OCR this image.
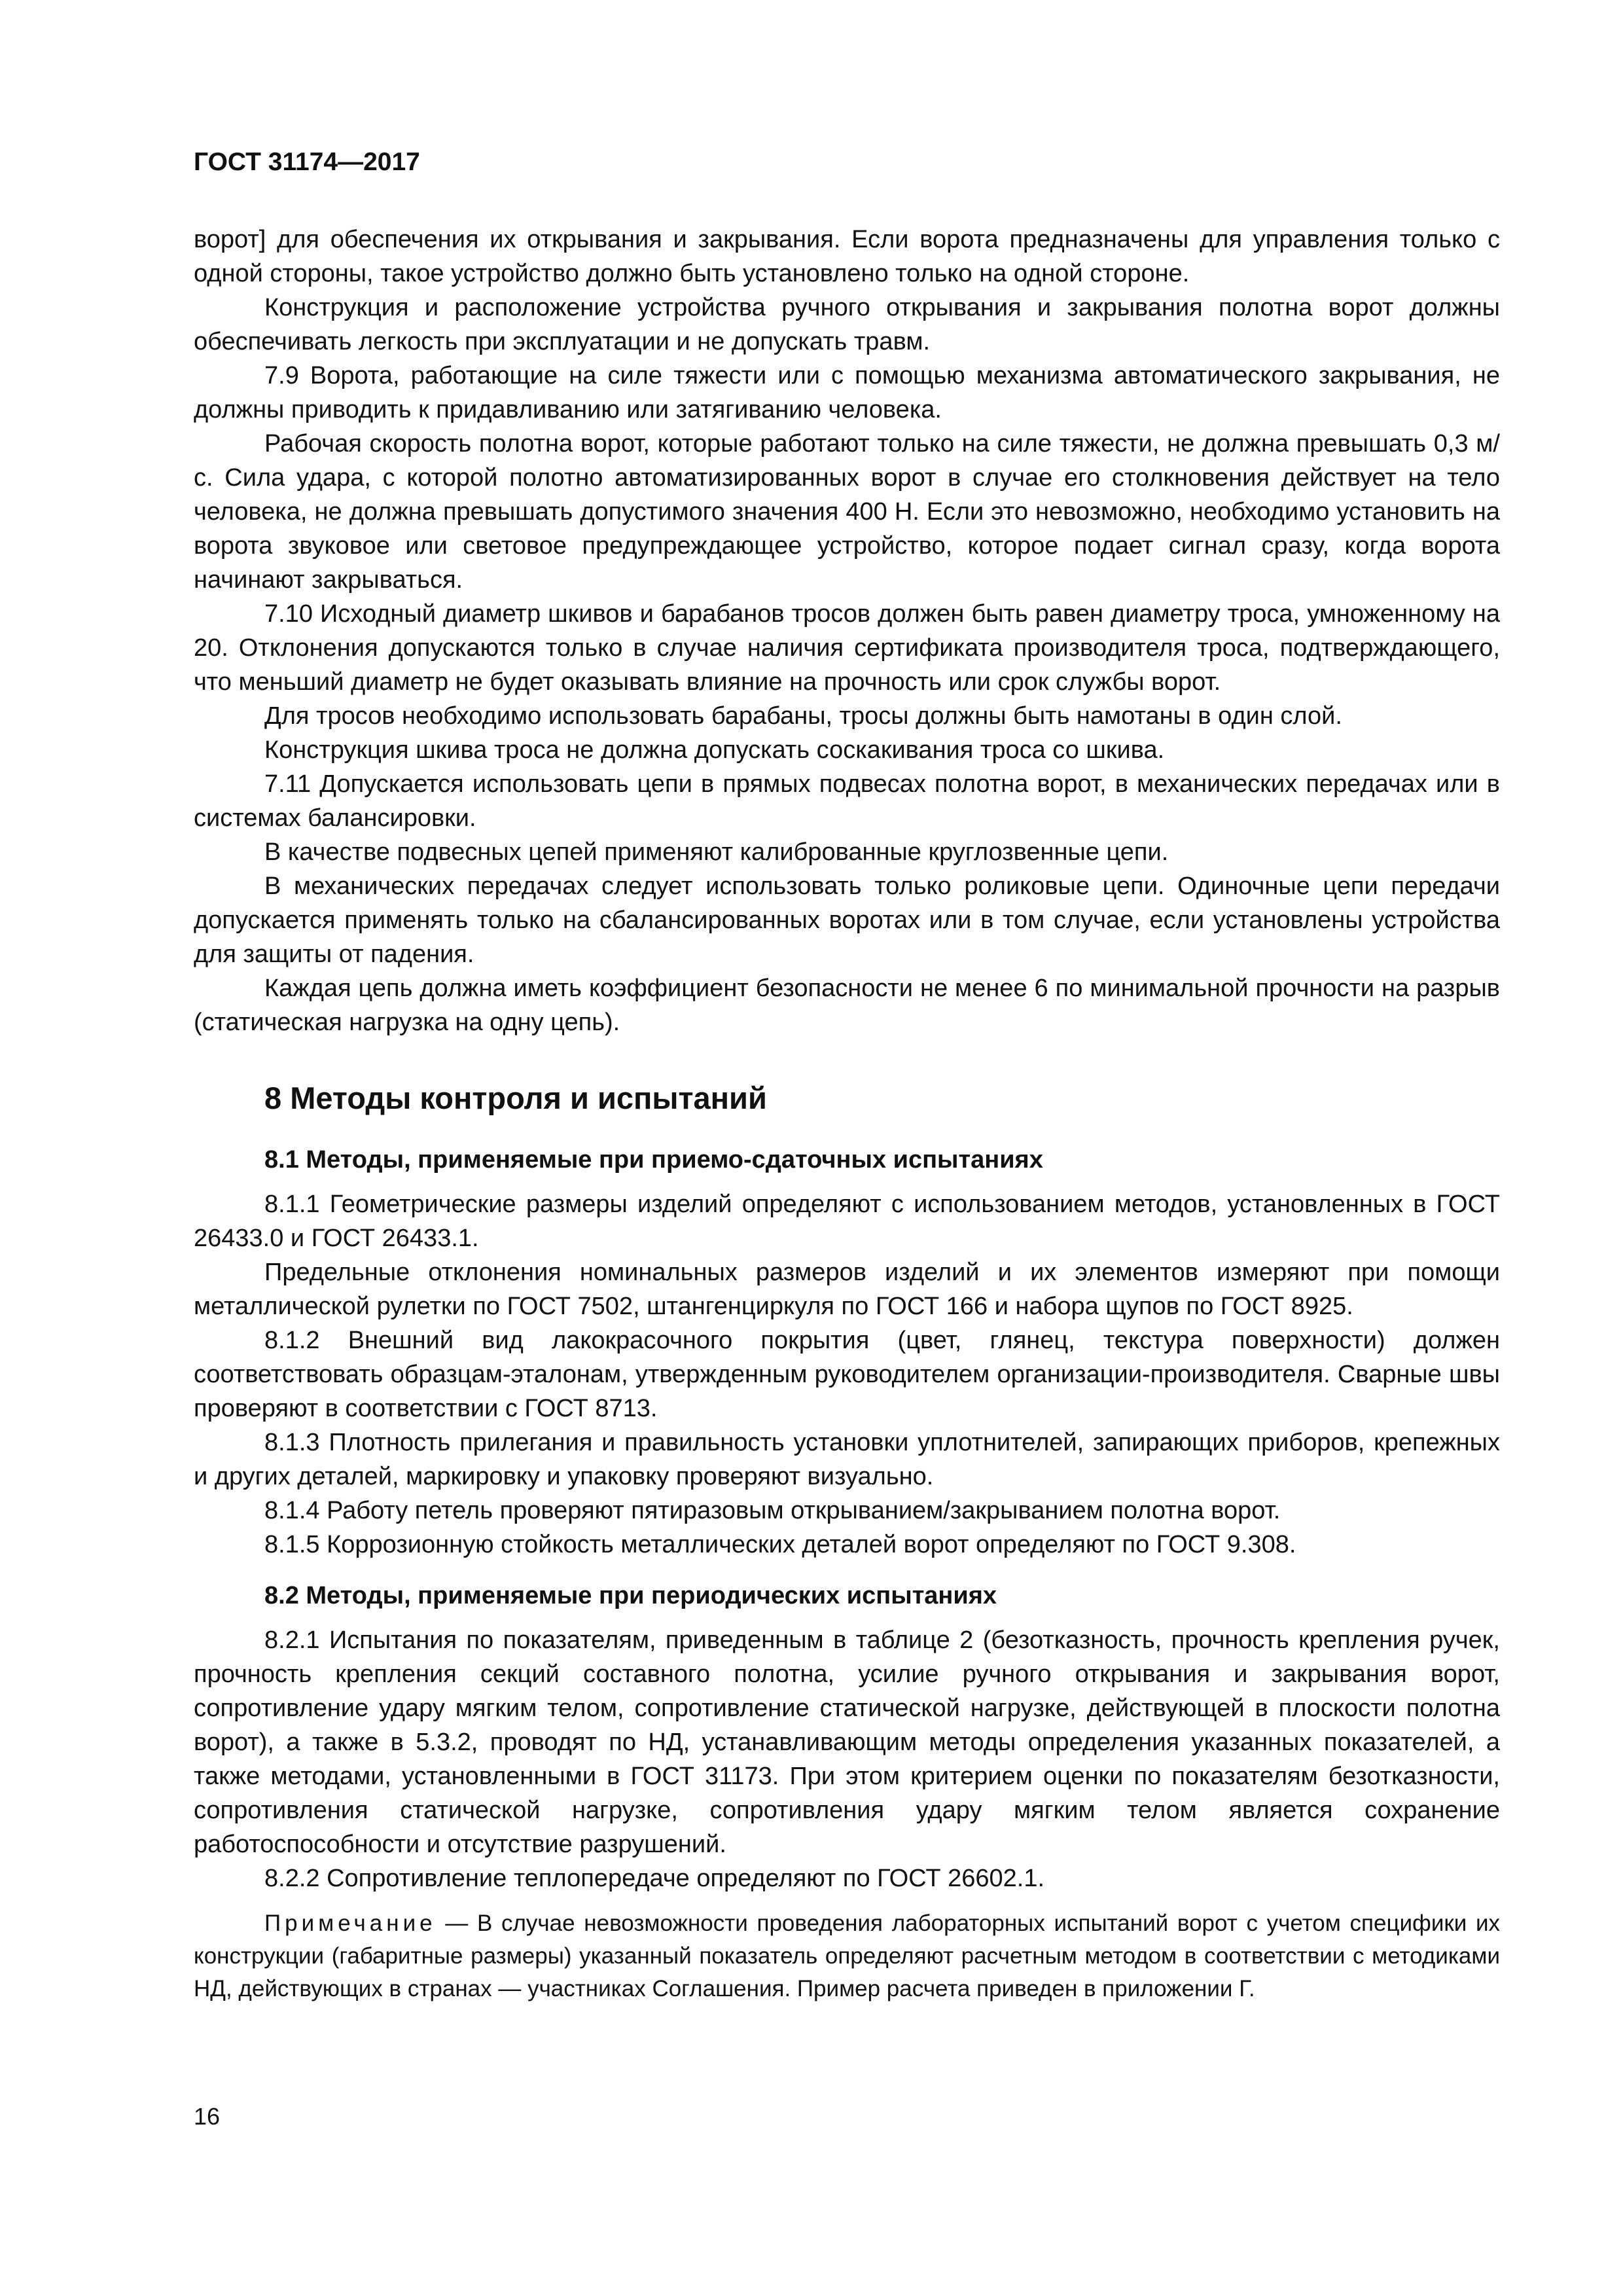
ГОСТ 31174—2017

ворот] для обеспечения их открывания и закрывания. Если ворота предназначены для управления только с одной стороны, такое устройство должно быть установлено только на одной стороне.

Конструкция и расположение устройства ручного открывания и закрывания полотна ворот должны обеспечивать легкость при эксплуатации и не допускать травм.

7.9 Ворота, работающие на силе тяжести или с помощью механизма автоматического закрывания, не должны приводить к придавливанию или затягиванию человека.

Рабочая скорость полотна ворот, которые работают только на силе тяжести, не должна превышать 0,3 м/с. Сила удара, с которой полотно автоматизированных ворот в случае его столкновения действует на тело человека, не должна превышать допустимого значения 400 Н. Если это невозможно, необходимо установить на ворота звуковое или световое предупреждающее устройство, которое подает сигнал сразу, когда ворота начинают закрываться.

7.10 Исходный диаметр шкивов и барабанов тросов должен быть равен диаметру троса, умноженному на 20. Отклонения допускаются только в случае наличия сертификата производителя троса, подтверждающего, что меньший диаметр не будет оказывать влияние на прочность или срок службы ворот.

Для тросов необходимо использовать барабаны, тросы должны быть намотаны в один слой.

Конструкция шкива троса не должна допускать соскакивания троса со шкива.

7.11 Допускается использовать цепи в прямых подвесах полотна ворот, в механических передачах или в системах балансировки.

В качестве подвесных цепей применяют калиброванные круглозвенные цепи.

В механических передачах следует использовать только роликовые цепи. Одиночные цепи передачи допускается применять только на сбалансированных воротах или в том случае, если установлены устройства для защиты от падения.

Каждая цепь должна иметь коэффициент безопасности не менее 6 по минимальной прочности на разрыв (статическая нагрузка на одну цепь).

8 Методы контроля и испытаний

8.1 Методы, применяемые при приемо-сдаточных испытаниях

8.1.1 Геометрические размеры изделий определяют с использованием методов, установленных в ГОСТ 26433.0 и ГОСТ 26433.1.

Предельные отклонения номинальных размеров изделий и их элементов измеряют при помощи металлической рулетки по ГОСТ 7502, штангенциркуля по ГОСТ 166 и набора щупов по ГОСТ 8925.

8.1.2 Внешний вид лакокрасочного покрытия (цвет, глянец, текстура поверхности) должен соответствовать образцам-эталонам, утвержденным руководителем организации-производителя. Сварные швы проверяют в соответствии с ГОСТ 8713.

8.1.3 Плотность прилегания и правильность установки уплотнителей, запирающих приборов, крепежных и других деталей, маркировку и упаковку проверяют визуально.

8.1.4 Работу петель проверяют пятиразовым открыванием/закрыванием полотна ворот.

8.1.5 Коррозионную стойкость металлических деталей ворот определяют по ГОСТ 9.308.

8.2 Методы, применяемые при периодических испытаниях

8.2.1 Испытания по показателям, приведенным в таблице 2 (безотказность, прочность крепления ручек, прочность крепления секций составного полотна, усилие ручного открывания и закрывания ворот, сопротивление удару мягким телом, сопротивление статической нагрузке, действующей в плоскости полотна ворот), а также в 5.3.2, проводят по НД, устанавливающим методы определения указанных показателей, а также методами, установленными в ГОСТ 31173. При этом критерием оценки по показателям безотказности, сопротивления статической нагрузке, сопротивления удару мягким телом является сохранение работоспособности и отсутствие разрушений.

8.2.2 Сопротивление теплопередаче определяют по ГОСТ 26602.1.

Примечание — В случае невозможности проведения лабораторных испытаний ворот с учетом специфики их конструкции (габаритные размеры) указанный показатель определяют расчетным методом в соответствии с методиками НД, действующих в странах — участниках Соглашения. Пример расчета приведен в приложении Г.

16
